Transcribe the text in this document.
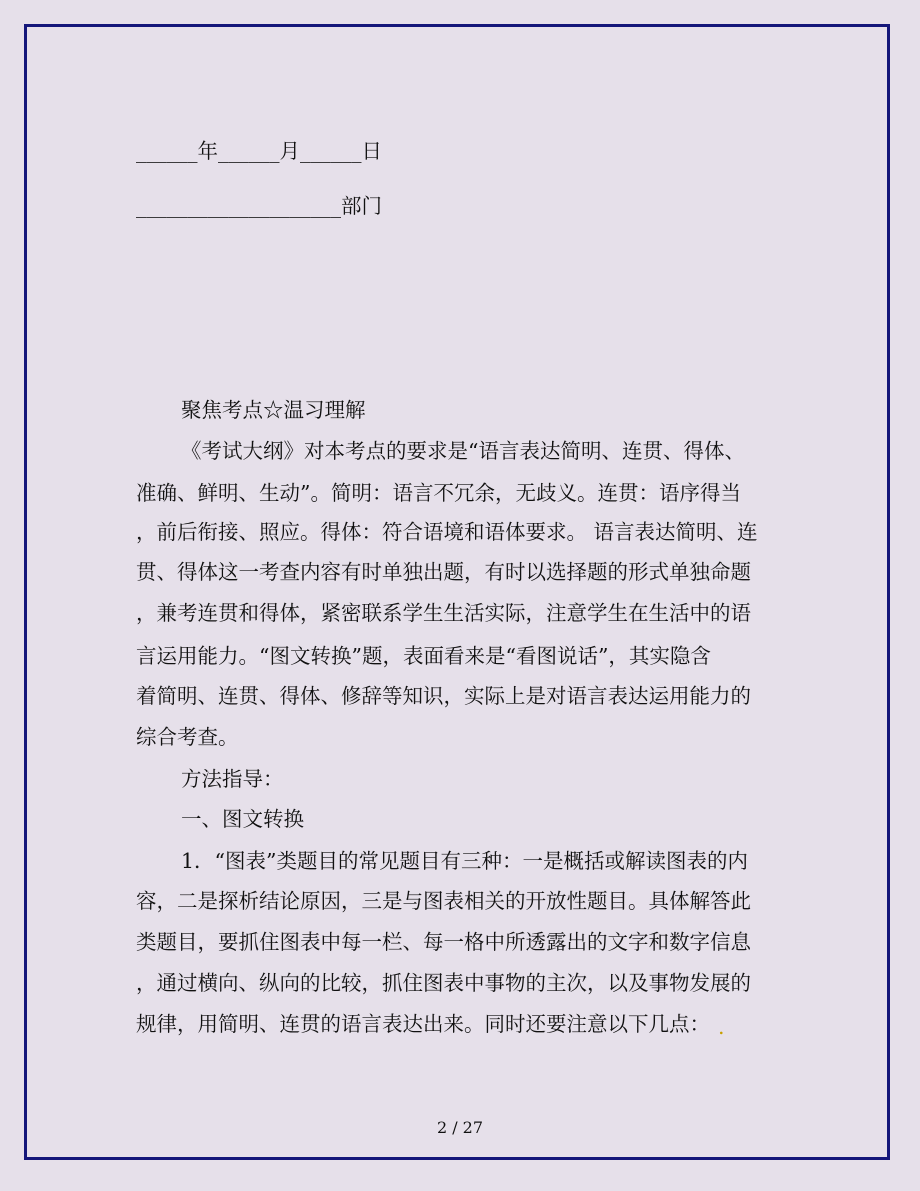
______年______月______日
____________________部门
聚焦考点☆温习理解
《考试大纲》对本考点的要求是“语言表达简明、连贯、得体、
准确、鲜明、生动”。简明：语言不冗余，无歧义。连贯：语序得当
，前后衔接、照应。得体：符合语境和语体要求。 语言表达简明、连
贯、得体这一考查内容有时单独出题，有时以选择题的形式单独命题
，兼考连贯和得体，紧密联系学生生活实际，注意学生在生活中的语
言运用能力。“图文转换”题，表面看来是“看图说话”，其实隐含
着简明、连贯、得体、修辞等知识，实际上是对语言表达运用能力的
综合考查。
方法指导：
一、图文转换
1．“图表”类题目的常见题目有三种：一是概括或解读图表的内
容，二是探析结论原因，三是与图表相关的开放性题目。具体解答此
类题目，要抓住图表中每一栏、每一格中所透露出的文字和数字信息
，通过横向、纵向的比较，抓住图表中事物的主次，以及事物发展的
规律，用简明、连贯的语言表达出来。同时还要注意以下几点： .
2 / 27
